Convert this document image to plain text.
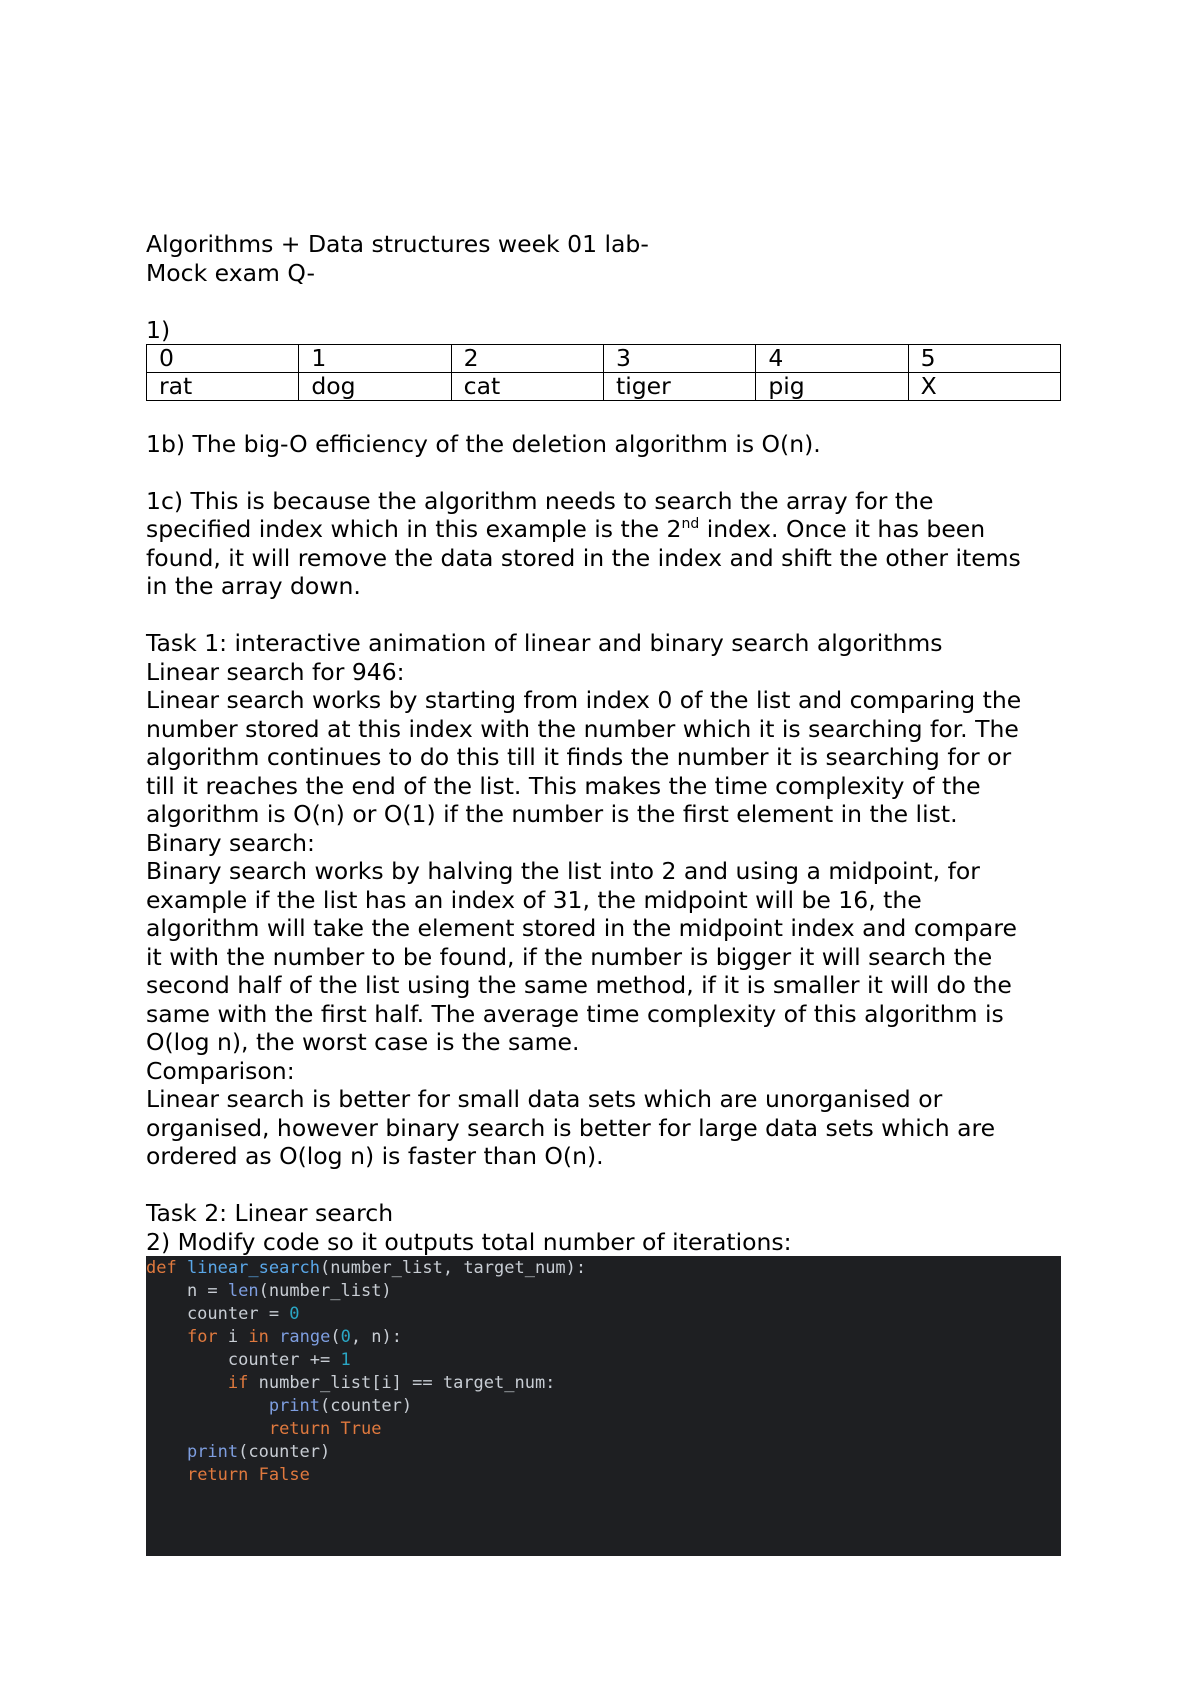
Algorithms + Data structures week 01 lab-
Mock exam Q-
1)
0	1	2	3	4	5
rat	dog	cat	tiger	pig	X
1b) The big-O efficiency of the deletion algorithm is O(n).
1c) This is because the algorithm needs to search the array for the
specified index which in this example is the 2nd index. Once it has been
found, it will remove the data stored in the index and shift the other items
in the array down.
Task 1: interactive animation of linear and binary search algorithms
Linear search for 946:
Linear search works by starting from index 0 of the list and comparing the
number stored at this index with the number which it is searching for. The
algorithm continues to do this till it finds the number it is searching for or
till it reaches the end of the list. This makes the time complexity of the
algorithm is O(n) or O(1) if the number is the first element in the list.
Binary search:
Binary search works by halving the list into 2 and using a midpoint, for
example if the list has an index of 31, the midpoint will be 16, the
algorithm will take the element stored in the midpoint index and compare
it with the number to be found, if the number is bigger it will search the
second half of the list using the same method, if it is smaller it will do the
same with the first half. The average time complexity of this algorithm is
O(log n), the worst case is the same.
Comparison:
Linear search is better for small data sets which are unorganised or
organised, however binary search is better for large data sets which are
ordered as O(log n) is faster than O(n).
Task 2: Linear search
2) Modify code so it outputs total number of iterations:
def linear_search(number_list, target_num):
n = len(number_list)
counter = 0
for i in range(0, n):
counter += 1
if number_list[i] == target_num:
print(counter)
return True
print(counter)
return False
